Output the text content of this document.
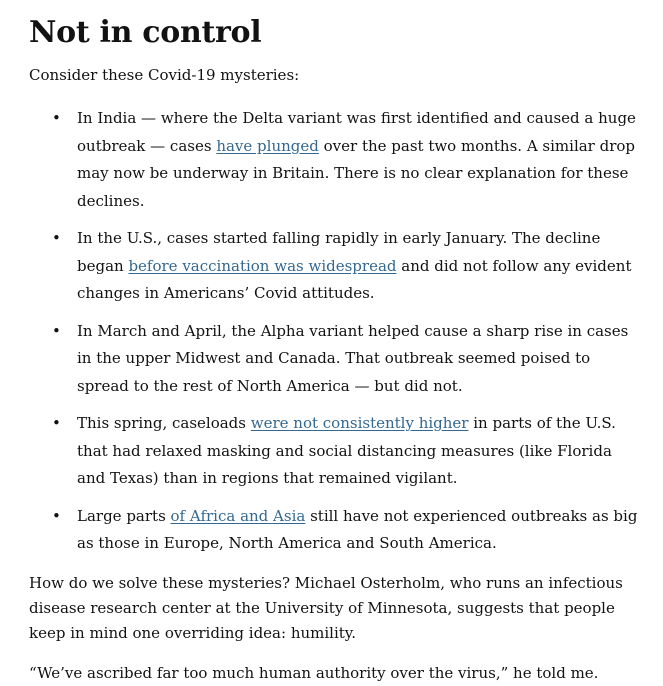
Not in control

Consider these Covid-19 mysteries:

• In India — where the Delta variant was first identified and caused a huge outbreak — cases have plunged over the past two months. A similar drop may now be underway in Britain. There is no clear explanation for these declines.
• In the U.S., cases started falling rapidly in early January. The decline began before vaccination was widespread and did not follow any evident changes in Americans’ Covid attitudes.
• In March and April, the Alpha variant helped cause a sharp rise in cases in the upper Midwest and Canada. That outbreak seemed poised to spread to the rest of North America — but did not.
• This spring, caseloads were not consistently higher in parts of the U.S. that had relaxed masking and social distancing measures (like Florida and Texas) than in regions that remained vigilant.
• Large parts of Africa and Asia still have not experienced outbreaks as big as those in Europe, North America and South America.

How do we solve these mysteries? Michael Osterholm, who runs an infectious disease research center at the University of Minnesota, suggests that people keep in mind one overriding idea: humility.

“We’ve ascribed far too much human authority over the virus,” he told me.
